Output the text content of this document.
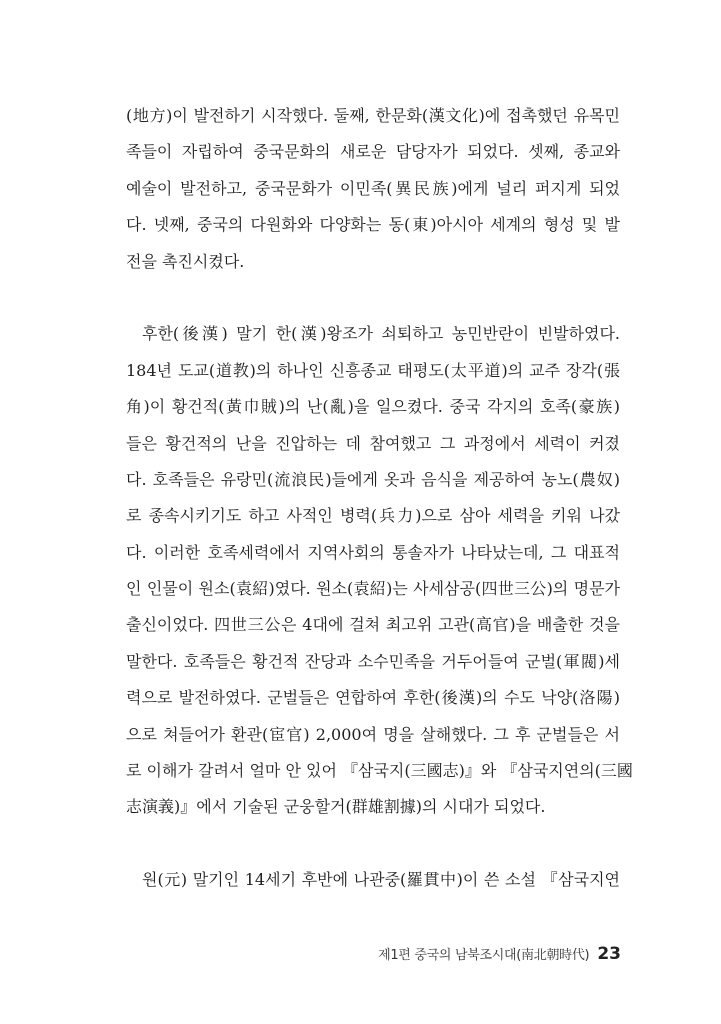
(地方)이 발전하기 시작했다. 둘째, 한문화(漢文化)에 접촉했던 유목민
족들이 자립하여 중국문화의 새로운 담당자가 되었다. 셋째, 종교와
예술이 발전하고, 중국문화가 이민족(異民族)에게 널리 퍼지게 되었
다. 넷째, 중국의 다원화와 다양화는 동(東)아시아 세계의 형성 및 발
전을 촉진시켰다.
후한(後漢) 말기 한(漢)왕조가 쇠퇴하고 농민반란이 빈발하였다.
184년 도교(道教)의 하나인 신흥종교 태평도(太平道)의 교주 장각(張
角)이 황건적(黃巾賊)의 난(亂)을 일으켰다. 중국 각지의 호족(豪族)
들은 황건적의 난을 진압하는 데 참여했고 그 과정에서 세력이 커졌
다. 호족들은 유랑민(流浪民)들에게 옷과 음식을 제공하여 농노(農奴)
로 종속시키기도 하고 사적인 병력(兵力)으로 삼아 세력을 키워 나갔
다. 이러한 호족세력에서 지역사회의 통솔자가 나타났는데, 그 대표적
인 인물이 원소(袁紹)였다. 원소(袁紹)는 사세삼공(四世三公)의 명문가
출신이었다. 四世三公은 4대에 걸쳐 최고위 고관(高官)을 배출한 것을
말한다. 호족들은 황건적 잔당과 소수민족을 거두어들여 군벌(軍閥)세
력으로 발전하였다. 군벌들은 연합하여 후한(後漢)의 수도 낙양(洛陽)
으로 쳐들어가 환관(宦官) 2,000여 명을 살해했다. 그 후 군벌들은 서
로 이해가 갈려서 얼마 안 있어 『삼국지(三國志)』와 『삼국지연의(三國
志演義)』에서 기술된 군웅할거(群雄割據)의 시대가 되었다.
원(元) 말기인 14세기 후반에 나관중(羅貫中)이 쓴 소설 『삼국지연
제1편 중국의 남북조시대(南北朝時代) 23
